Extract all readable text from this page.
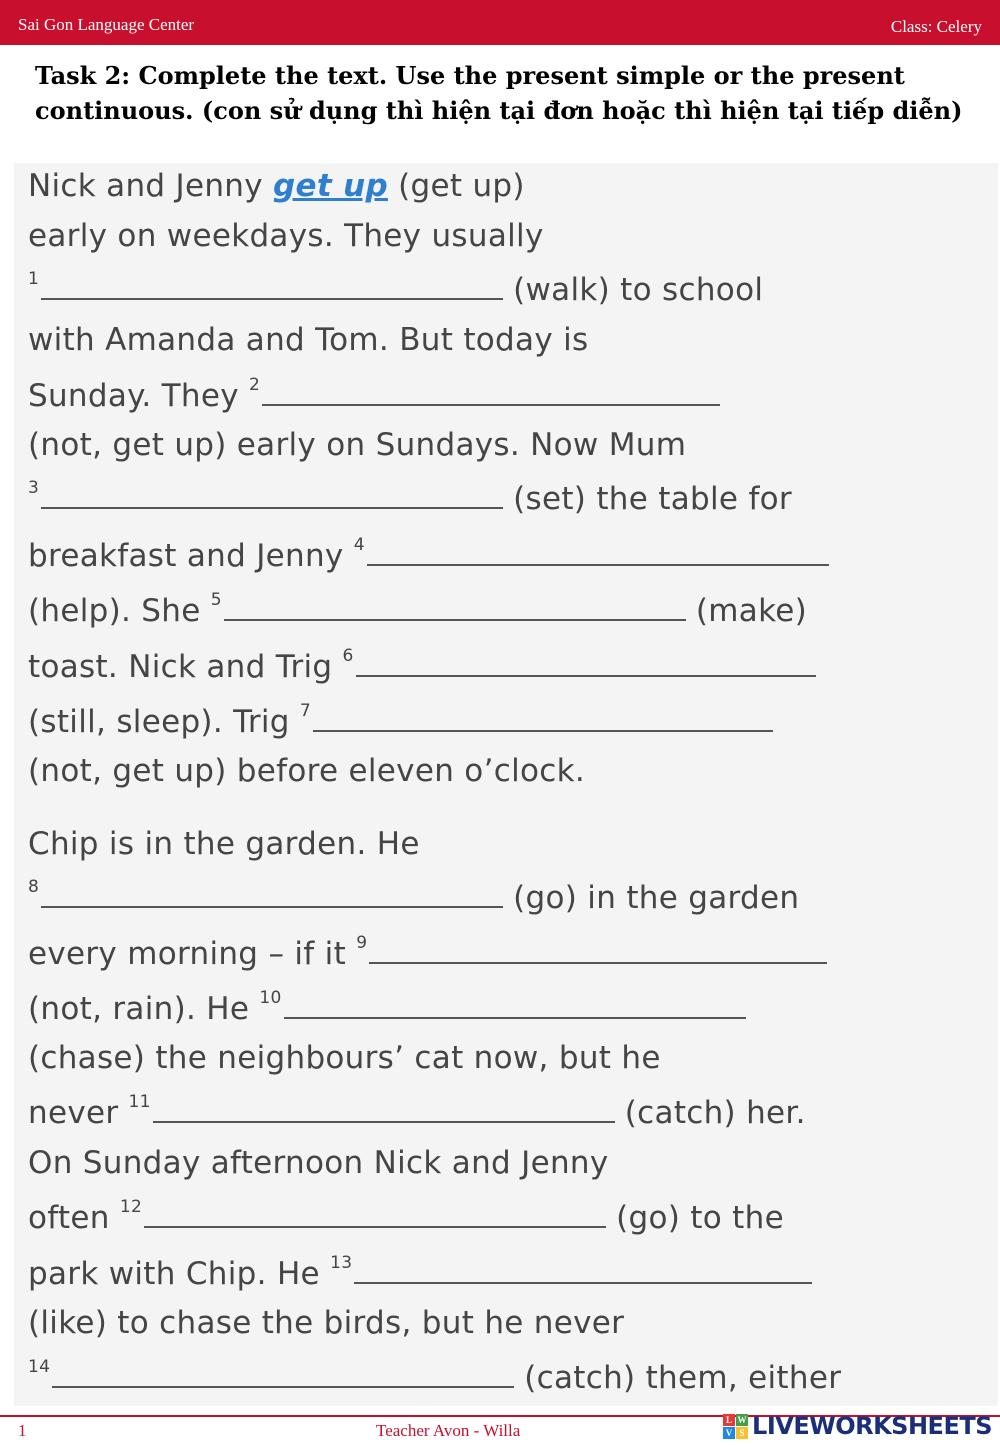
Sai Gon Language Center	Class: Celery
Task 2: Complete the text. Use the present simple or the present continuous. (con sử dụng thì hiện tại đơn hoặc thì hiện tại tiếp diễn)
Nick and Jenny get up (get up)
early on weekdays. They usually
$^1$	(walk) to school
with Amanda and Tom. But today is
Sunday. They $^2$
(not, get up) early on Sundays. Now Mum
$^3$	(set) the table for
breakfast and Jenny $^4$
(help). She $^5$	(make)
toast. Nick and Trig $^6$
(still, sleep). Trig $^7$
(not, get up) before eleven o’clock.
Chip is in the garden. He
$^8$	(go) in the garden
every morning – if it $^9$
(not, rain). He $^{10}$
(chase) the neighbours’ cat now, but he
never $^{11}$	(catch) her.
On Sunday afternoon Nick and Jenny
often $^{12}$	(go) to the
park with Chip. He $^{13}$
(like) to chase the birds, but he never
$^{14}$	(catch) them, either
1	Teacher Avon - Willa
L W
V S LIVEWORKSHEETS
